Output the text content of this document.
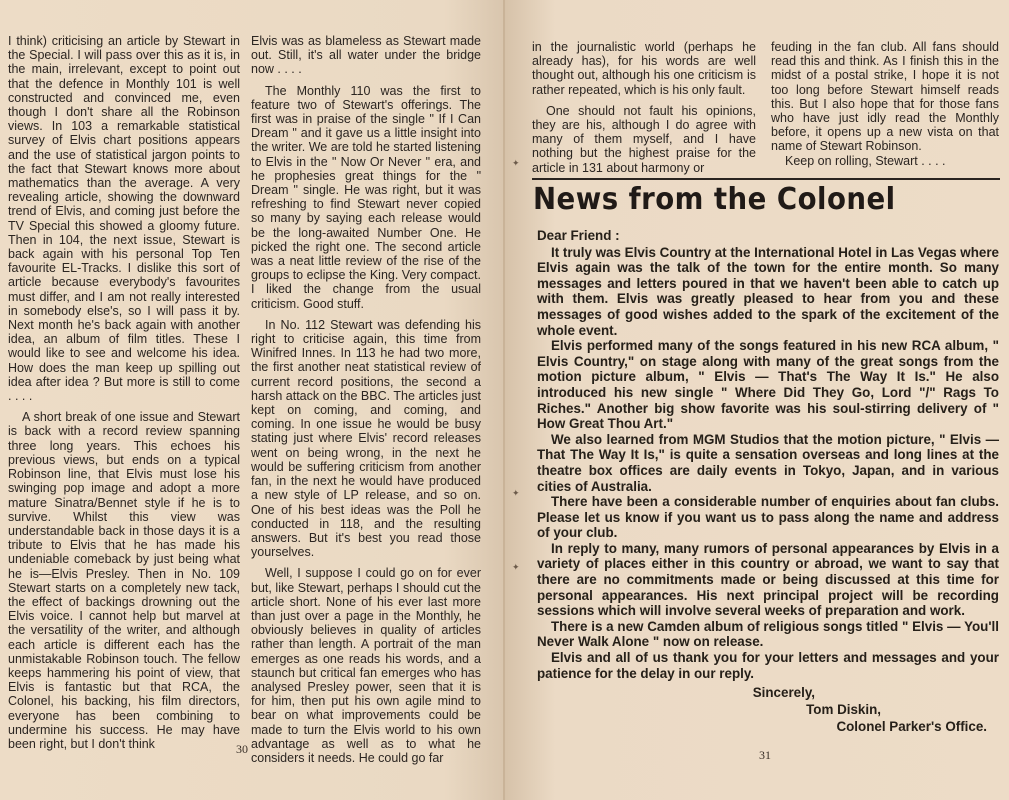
I think) criticising an article by Stewart in the Special. I will pass over this as it is, in the main, irrelevant, except to point out that the defence in Monthly 101 is well constructed and convinced me, even though I don't share all the Robinson views. In 103 a remarkable statistical survey of Elvis chart positions appears and the use of statistical jargon points to the fact that Stewart knows more about mathematics than the average. A very revealing article, showing the downward trend of Elvis, and coming just before the TV Special this showed a gloomy future. Then in 104, the next issue, Stewart is back again with his personal Top Ten favourite EL-Tracks. I dislike this sort of article because everybody's favourites must differ, and I am not really interested in somebody else's, so I will pass it by. Next month he's back again with another idea, an album of film titles. These I would like to see and welcome his idea. How does the man keep up spilling out idea after idea ? But more is still to come . . . .

A short break of one issue and Stewart is back with a record review spanning three long years. This echoes his previous views, but ends on a typical Robinson line, that Elvis must lose his swinging pop image and adopt a more mature Sinatra/Bennet style if he is to survive. Whilst this view was understandable back in those days it is a tribute to Elvis that he has made his undeniable comeback by just being what he is—Elvis Presley. Then in No. 109 Stewart starts on a completely new tack, the effect of backings drowning out the Elvis voice. I cannot help but marvel at the versatility of the writer, and although each article is different each has the unmistakable Robinson touch. The fellow keeps hammering his point of view, that Elvis is fantastic but that RCA, the Colonel, his backing, his film directors, everyone has been combining to undermine his success. He may have been right, but I don't think

Elvis was as blameless as Stewart made out. Still, it's all water under the bridge now . . . .

The Monthly 110 was the first to feature two of Stewart's offerings. The first was in praise of the single " If I Can Dream " and it gave us a little insight into the writer. We are told he started listening to Elvis in the " Now Or Never " era, and he prophesies great things for the " Dream " single. He was right, but it was refreshing to find Stewart never copied so many by saying each release would be the long-awaited Number One. He picked the right one. The second article was a neat little review of the rise of the groups to eclipse the King. Very compact. I liked the change from the usual criticism. Good stuff.

In No. 112 Stewart was defending his right to criticise again, this time from Winifred Innes. In 113 he had two more, the first another neat statistical review of current record positions, the second a harsh attack on the BBC. The articles just kept on coming, and coming, and coming. In one issue he would be busy stating just where Elvis' record releases went on being wrong, in the next he would be suffering criticism from another fan, in the next he would have produced a new style of LP release, and so on. One of his best ideas was the Poll he conducted in 118, and the resulting answers. But it's best you read those yourselves.

Well, I suppose I could go on for ever but, like Stewart, perhaps I should cut the article short. None of his ever last more than just over a page in the Monthly, he obviously believes in quality of articles rather than length. A portrait of the man emerges as one reads his words, and a staunch but critical fan emerges who has analysed Presley power, seen that it is for him, then put his own agile mind to bear on what improvements could be made to turn the Elvis world to his own advantage as well as to what he considers it needs. He could go far

30

in the journalistic world (perhaps he already has), for his words are well thought out, although his one criticism is rather repeated, which is his only fault.

One should not fault his opinions, they are his, although I do agree with many of them myself, and I have nothing but the highest praise for the article in 131 about harmony or

feuding in the fan club. All fans should read this and think. As I finish this in the midst of a postal strike, I hope it is not too long before Stewart himself reads this. But I also hope that for those fans who have just idly read the Monthly before, it opens up a new vista on that name of Stewart Robinson.

Keep on rolling, Stewart . . . .

✦
✦
✦
News from the Colonel
Dear Friend :

It truly was Elvis Country at the International Hotel in Las Vegas where Elvis again was the talk of the town for the entire month. So many messages and letters poured in that we haven't been able to catch up with them. Elvis was greatly pleased to hear from you and these messages of good wishes added to the spark of the excitement of the whole event.

Elvis performed many of the songs featured in his new RCA album, " Elvis Country," on stage along with many of the great songs from the motion picture album, " Elvis — That's The Way It Is." He also introduced his new single " Where Did They Go, Lord "/" Rags To Riches." Another big show favorite was his soul-stirring delivery of " How Great Thou Art."

We also learned from MGM Studios that the motion picture, " Elvis — That The Way It Is," is quite a sensation overseas and long lines at the theatre box offices are daily events in Tokyo, Japan, and in various cities of Australia.

There have been a considerable number of enquiries about fan clubs. Please let us know if you want us to pass along the name and address of your club.

In reply to many, many rumors of personal appearances by Elvis in a variety of places either in this country or abroad, we want to say that there are no commitments made or being discussed at this time for personal appearances. His next principal project will be recording sessions which will involve several weeks of preparation and work.

There is a new Camden album of religious songs titled " Elvis — You'll Never Walk Alone " now on release.

Elvis and all of us thank you for your letters and messages and your patience for the delay in our reply.

Sincerely,
Tom Diskin,
Colonel Parker's Office.
31
